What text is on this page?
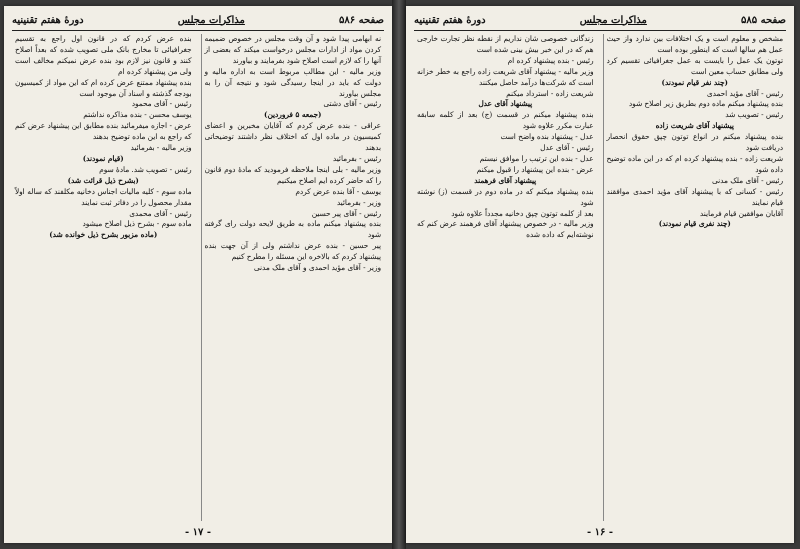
صفحه ۵۸۶
مذاکرات مجلس
دورهٔ هفتم تقنینیه

نه ابهامی پیدا شود و آن وقت مجلس در خصوص ضمیمه کردن مواد از ادارات مجلس درخواست میکند که بعضی از آنها را که لازم است اصلاح شود بفرمایند و بیاورند

وزیر مالیه - این مطالب مربوط است به اداره مالیه و دولت که باید در اینجا رسیدگی شود و نتیجه آن را به مجلس بیاورند

رئیس - آقای دشتی

(جمعه ۵ فروردین)

عراقی - بنده عرض کردم که آقایان مخبرین و اعضای کمیسیون در ماده اول که اختلاف نظر داشتند توضیحاتی بدهند

رئیس - بفرمائید

وزیر مالیه - بلی اینجا ملاحظه فرمودید که مادهٔ دوم قانون را که حاضر کرده ایم اصلاح میکنیم

یوسف - آقا بنده عرض کردم

وزیر - بفرمائید

رئیس - آقای پیر حسین

بنده پیشنهاد میکنم ماده به طریق لایحه دولت رای گرفته شود

پیر حسین - بنده عرض نداشتم ولی از آن جهت بنده پیشنهاد کردم که بالاخره این مسئله را مطرح کنیم

وزیر - آقای مؤید احمدی و آقای ملک مدنی

بنده عرض کردم که در قانون اول راجع به تقسیم جغرافیائی تا مخارج بانک ملی تصویب شده که بعداً اصلاح کنند و قانون نیز لازم بود بنده عرض نمیکنم مخالف است ولی من پیشنهاد کرده ام

بنده پیشنهاد ممتنع عرض کرده ام که این مواد از کمیسیون بودجه گذشته و اسناد آن موجود است

رئیس - آقای محمود

یوسف محسن - بنده مذاکره نداشتم

عرض - اجازه میفرمائید بنده مطابق این پیشنهاد عرض کنم که راجع به این ماده توضیح بدهند

وزیر مالیه - بفرمائید

(قیام نمودند)

رئیس - تصویب شد. مادهٔ سوم

(بشرح ذیل قرائت شد)

ماده سوم - کلیه مالیات اجناس دخانیه مکلفند که ساله اولاً مقدار محصول را در دفاتر ثبت نمایند

رئیس - آقای محمدی

ماده سوم - بشرح ذیل اصلاح میشود

(ماده مزبور بشرح ذیل خوانده شد)

- ۱۷ -
صفحه ۵۸۵
مذاکرات مجلس
دورهٔ هفتم تقنینیه

مشخص و معلوم است و یک اختلافات بین ندارد واز حیث عمل هم سالها است که اینطور بوده است

توتون یک عمل را بایست به عمل جغرافیائی تقسیم کرد ولی مطابق حساب معین است

(چند نفر قیام نمودند)

رئیس - آقای مؤید احمدی

بنده پیشنهاد میکنم ماده دوم بطریق زیر اصلاح شود

رئیس - تصویب شد

پیشنهاد آقای شریعت زاده

بنده پیشنهاد میکنم در انواع توتون چپق حقوق انحصار دریافت شود

شریعت زاده - بنده پیشنهاد کرده ام که در این ماده توضیح داده شود

رئیس - آقای ملک مدنی

رئیس - کسانی که با پیشنهاد آقای مؤید احمدی موافقند قیام نمایند

آقایان موافقین قیام فرمایند

(چند نفری قیام نمودند)

زندگانی خصوصی شان نداریم از نقطه نظر تجارت خارجی هم که در این خبر بیش بینی شده است

رئیس - بنده پیشنهاد کرده ام

وزیر مالیه - پیشنهاد آقای شریعت زاده راجع به خطر خزانه است که شرکت‌ها درآمد حاصل میکنند

شریعت زاده - استرداد میکنم

پیشنهاد آقای عدل

بنده پیشنهاد میکنم در قسمت (ج) بعد از کلمه سابقه عبارت مکرر علاوه شود

عدل - پیشنهاد بنده واضح است

رئیس - آقای عدل

عدل - بنده این ترتیب را موافق نیستم

عرض - بنده این پیشنهاد را قبول میکنم

پیشنهاد آقای فرهمند

بنده پیشنهاد میکنم که در ماده دوم در قسمت (ز) نوشته شود

بعد از کلمه توتون چپق دخانیه مجدداً علاوه شود

وزیر مالیه - در خصوص پیشنهاد آقای فرهمند عرض کنم که نوشته‌ایم که داده شده

- ۱۶ -
